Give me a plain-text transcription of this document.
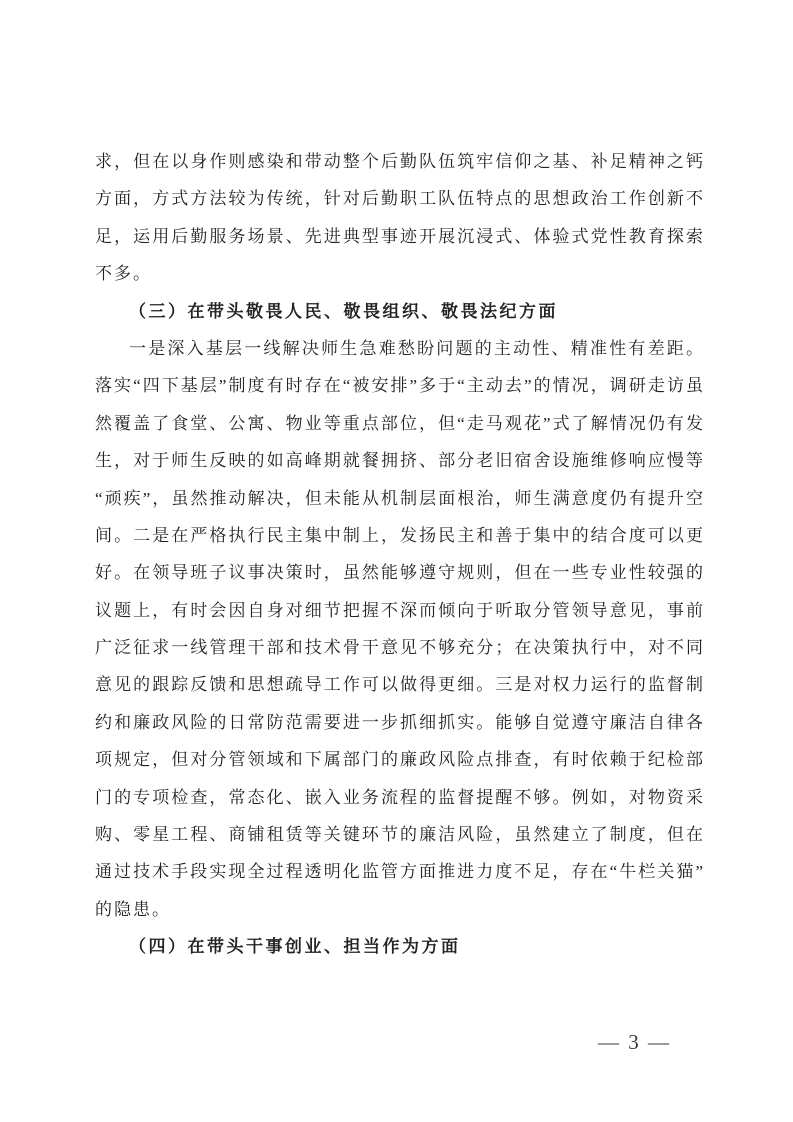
求，但在以身作则感染和带动整个后勤队伍筑牢信仰之基、补足精神之钙
方面，方式方法较为传统，针对后勤职工队伍特点的思想政治工作创新不
足，运用后勤服务场景、先进典型事迹开展沉浸式、体验式党性教育探索
不多。
（三）在带头敬畏人民、敬畏组织、敬畏法纪方面
一是深入基层一线解决师生急难愁盼问题的主动性、精准性有差距。
落实“四下基层”制度有时存在“被安排”多于“主动去”的情况，调研走访虽
然覆盖了食堂、公寓、物业等重点部位，但“走马观花”式了解情况仍有发
生，对于师生反映的如高峰期就餐拥挤、部分老旧宿舍设施维修响应慢等
“顽疾”，虽然推动解决，但未能从机制层面根治，师生满意度仍有提升空
间。二是在严格执行民主集中制上，发扬民主和善于集中的结合度可以更
好。在领导班子议事决策时，虽然能够遵守规则，但在一些专业性较强的
议题上，有时会因自身对细节把握不深而倾向于听取分管领导意见，事前
广泛征求一线管理干部和技术骨干意见不够充分；在决策执行中，对不同
意见的跟踪反馈和思想疏导工作可以做得更细。三是对权力运行的监督制
约和廉政风险的日常防范需要进一步抓细抓实。能够自觉遵守廉洁自律各
项规定，但对分管领域和下属部门的廉政风险点排查，有时依赖于纪检部
门的专项检查，常态化、嵌入业务流程的监督提醒不够。例如，对物资采
购、零星工程、商铺租赁等关键环节的廉洁风险，虽然建立了制度，但在
通过技术手段实现全过程透明化监管方面推进力度不足，存在“牛栏关猫”
的隐患。
（四）在带头干事创业、担当作为方面
— 3 —
